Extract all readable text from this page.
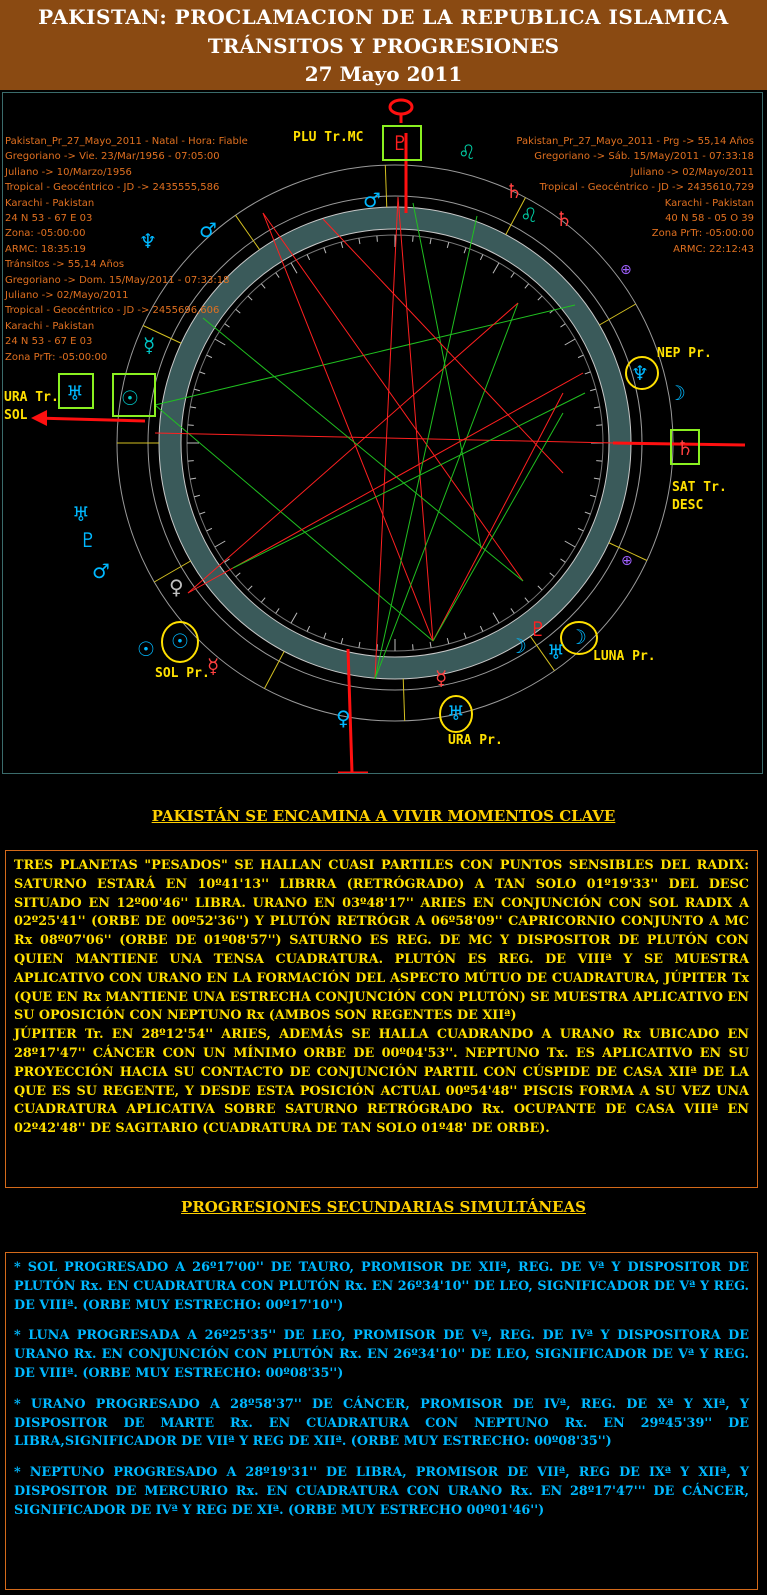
PAKISTAN: PROCLAMACION DE LA REPUBLICA ISLAMICA
TRÁNSITOS Y PROGRESIONES
27 Mayo 2011
♇ ♌
♌
♂
♂
♆
☿
♅ ☉
♄
♄
♆
☽
♄
♅
♇
♂
♀
☉
☉
☿
☽
♇
♅
☽
☿
♅
♀
⊕
⊕
Pakistan_Pr_27_Mayo_2011 - Natal - Hora: Fiable
Gregoriano -> Vie. 23/Mar/1956 - 07:05:00
Juliano -> 10/Marzo/1956
Tropical - Geocéntrico - JD -> 2435555,586
Karachi - Pakistan
24 N 53 - 67 E 03
Zona: -05:00:00
ARMC: 18:35:19
Tránsitos -> 55,14 Años
Gregoriano -> Dom. 15/May/2011 - 07:33:18
Juliano -> 02/Mayo/2011
Tropical - Geocéntrico - JD -> 2455696,606
Karachi - Pakistan
24 N 53 - 67 E 03
Zona PrTr: -05:00:00
Pakistan_Pr_27_Mayo_2011 - Prg -> 55,14 Años
Gregoriano -> Sáb. 15/May/2011 - 07:33:18
Juliano -> 02/Mayo/2011
Tropical - Geocéntrico - JD -> 2435610,729
Karachi - Pakistan
40 N 58 - 05 O 39
Zona PrTr: -05:00:00
ARMC: 22:12:43
PLU Tr.MC
NEP Pr.
URA Tr.
SOL
SAT Tr.
DESC
LUNA Pr.
SOL Pr.
URA Pr.
PAKISTÁN SE ENCAMINA A VIVIR MOMENTOS CLAVE

TRES PLANETAS "PESADOS" SE HALLAN CUASI PARTILES CON PUNTOS SENSIBLES DEL RADIX: SATURNO ESTARÁ EN 10º41'13'' LIBRRA (RETRÓGRADO) A TAN SOLO 01º19'33'' DEL DESC SITUADO EN 12º00'46'' LIBRA. URANO EN 03º48'17'' ARIES EN CONJUNCIÓN CON SOL RADIX A 02º25'41'' (ORBE DE 00º52'36'') Y PLUTÓN RETRÓGR A 06º58'09'' CAPRICORNIO CONJUNTO A MC Rx 08º07'06'' (ORBE DE 01º08'57'') SATURNO ES REG. DE MC Y DISPOSITOR DE PLUTÓN CON QUIEN MANTIENE UNA TENSA CUADRATURA. PLUTÓN ES REG. DE VIIIª Y SE MUESTRA APLICATIVO CON URANO EN LA FORMACIÓN DEL ASPECTO MÚTUO DE CUADRATURA, JÚPITER Tx (QUE EN Rx MANTIENE UNA ESTRECHA CONJUNCIÓN CON PLUTÓN) SE MUESTRA APLICATIVO EN SU OPOSICIÓN CON NEPTUNO Rx (AMBOS SON REGENTES DE XIIª)

JÚPITER Tr. EN 28º12'54'' ARIES, ADEMÁS SE HALLA CUADRANDO A URANO Rx UBICADO EN 28º17'47'' CÁNCER CON UN MÍNIMO ORBE DE 00º04'53''. NEPTUNO Tx. ES APLICATIVO EN SU PROYECCIÓN HACIA SU CONTACTO DE CONJUNCIÓN PARTIL CON CÚSPIDE DE CASA XIIª DE LA QUE ES SU REGENTE, Y DESDE ESTA POSICIÓN ACTUAL 00º54'48'' PISCIS FORMA A SU VEZ UNA CUADRATURA APLICATIVA SOBRE SATURNO RETRÓGRADO Rx. OCUPANTE DE CASA VIIIª EN 02º42'48'' DE SAGITARIO (CUADRATURA DE TAN SOLO 01º48' DE ORBE).

PROGRESIONES SECUNDARIAS SIMULTÁNEAS

* SOL PROGRESADO A 26º17'00'' DE TAURO, PROMISOR DE XIIª, REG. DE Vª Y DISPOSITOR DE PLUTÓN Rx. EN CUADRATURA CON PLUTÓN Rx. EN 26º34'10'' DE LEO, SIGNIFICADOR DE Vª Y REG. DE VIIIª. (ORBE MUY ESTRECHO: 00º17'10'')

* LUNA PROGRESADA A 26º25'35'' DE LEO, PROMISOR DE Vª, REG. DE IVª Y DISPOSITORA DE URANO Rx. EN CONJUNCIÓN CON PLUTÓN Rx. EN 26º34'10'' DE LEO, SIGNIFICADOR DE Vª Y REG. DE VIIIª. (ORBE MUY ESTRECHO: 00º08'35'')

* URANO PROGRESADO A 28º58'37'' DE CÁNCER, PROMISOR DE IVª, REG. DE Xª Y XIª, Y DISPOSITOR DE MARTE Rx. EN CUADRATURA CON NEPTUNO Rx. EN 29º45'39'' DE LIBRA,SIGNIFICADOR DE VIIª Y REG DE XIIª. (ORBE MUY ESTRECHO: 00º08'35'')

* NEPTUNO PROGRESADO A 28º19'31'' DE LIBRA, PROMISOR DE VIIª, REG DE IXª Y XIIª, Y DISPOSITOR DE MERCURIO Rx. EN CUADRATURA CON URANO Rx. EN 28º17'47''' DE CÁNCER, SIGNIFICADOR DE IVª Y REG DE XIª. (ORBE MUY ESTRECHO 00º01'46'')
